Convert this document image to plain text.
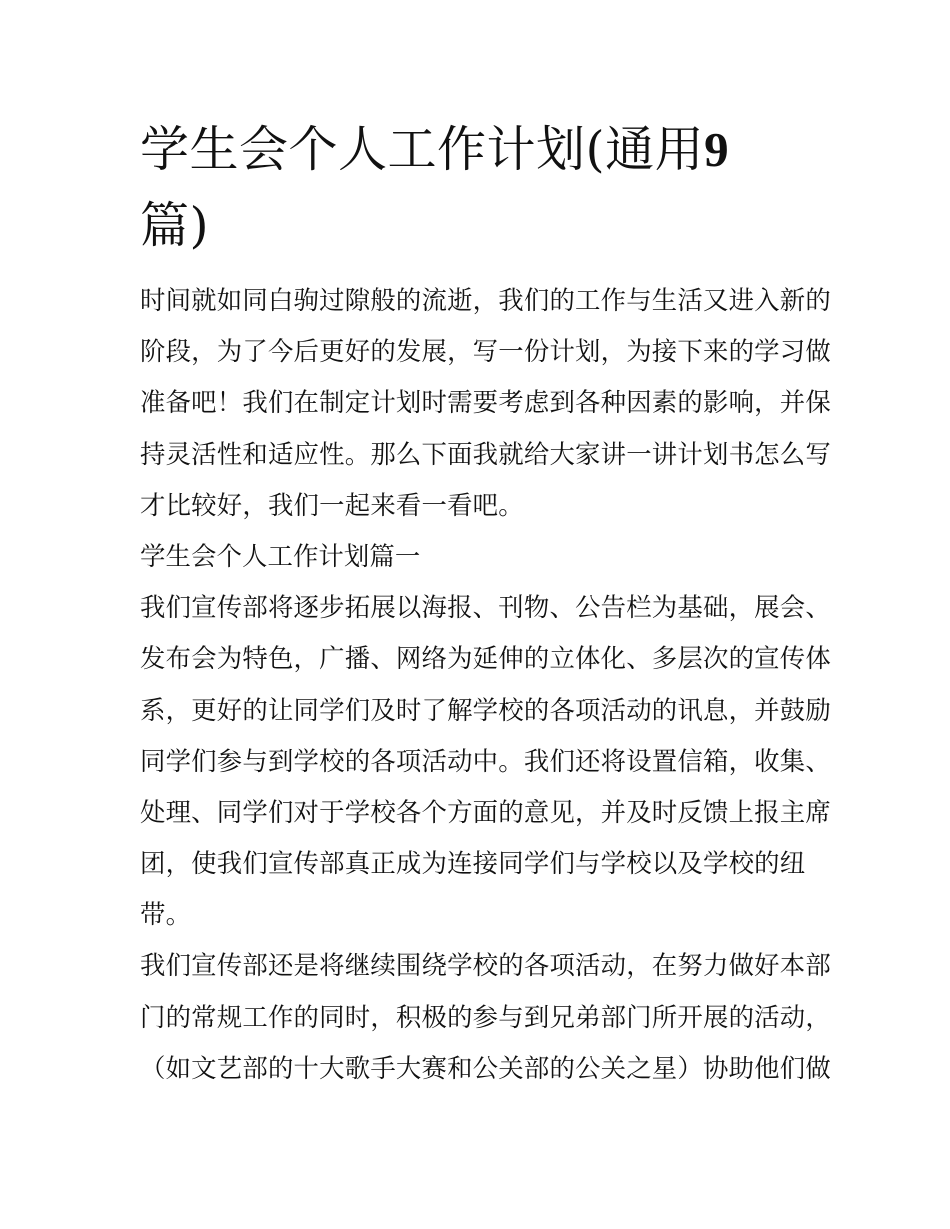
学生会个人工作计划(通用9
篇)
时间就如同白驹过隙般的流逝，我们的工作与生活又进入新的
阶段，为了今后更好的发展，写一份计划，为接下来的学习做
准备吧！我们在制定计划时需要考虑到各种因素的影响，并保
持灵活性和适应性。那么下面我就给大家讲一讲计划书怎么写
才比较好，我们一起来看一看吧。
学生会个人工作计划篇一
我们宣传部将逐步拓展以海报、刊物、公告栏为基础，展会、
发布会为特色，广播、网络为延伸的立体化、多层次的宣传体
系，更好的让同学们及时了解学校的各项活动的讯息，并鼓励
同学们参与到学校的各项活动中。我们还将设置信箱，收集、
处理、同学们对于学校各个方面的意见，并及时反馈上报主席
团，使我们宣传部真正成为连接同学们与学校以及学校的纽
带。
我们宣传部还是将继续围绕学校的各项活动，在努力做好本部
门的常规工作的同时，积极的参与到兄弟部门所开展的活动，
（如文艺部的十大歌手大赛和公关部的公关之星）协助他们做
